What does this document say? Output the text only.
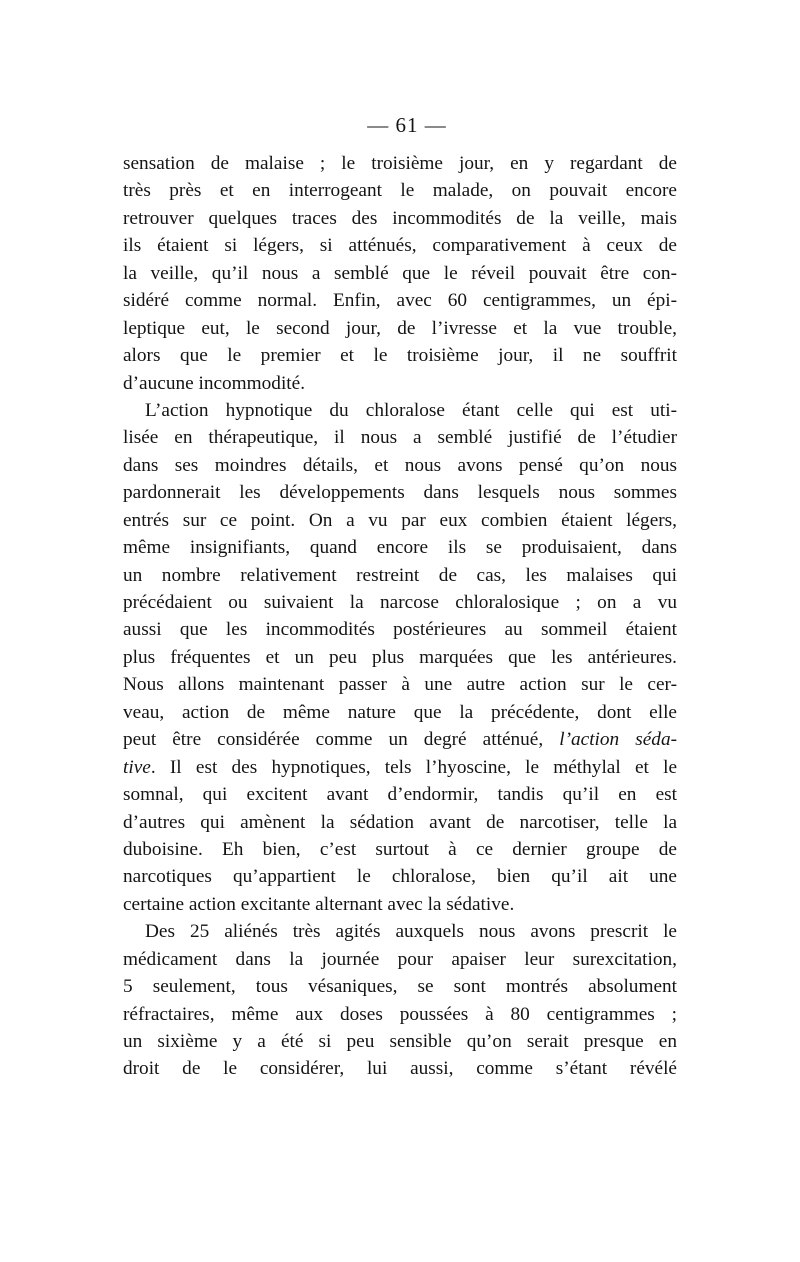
— 61 —
sensation de malaise ; le troisième jour, en y regardant de
très près et en interrogeant le malade, on pouvait encore
retrouver quelques traces des incommodités de la veille, mais
ils étaient si légers, si atténués, comparativement à ceux de
la veille, qu’il nous a semblé que le réveil pouvait être con-
sidéré comme normal. Enfin, avec 60 centigrammes, un épi-
leptique eut, le second jour, de l’ivresse et la vue trouble,
alors que le premier et le troisième jour, il ne souffrit
d’aucune incommodité.
L’action hypnotique du chloralose étant celle qui est uti-
lisée en thérapeutique, il nous a semblé justifié de l’étudier
dans ses moindres détails, et nous avons pensé qu’on nous
pardonnerait les développements dans lesquels nous sommes
entrés sur ce point. On a vu par eux combien étaient légers,
même insignifiants, quand encore ils se produisaient, dans
un nombre relativement restreint de cas, les malaises qui
précédaient ou suivaient la narcose chloralosique ; on a vu
aussi que les incommodités postérieures au sommeil étaient
plus fréquentes et un peu plus marquées que les antérieures.
Nous allons maintenant passer à une autre action sur le cer-
veau, action de même nature que la précédente, dont elle
peut être considérée comme un degré atténué, l’action séda-
tive. Il est des hypnotiques, tels l’hyoscine, le méthylal et le
somnal, qui excitent avant d’endormir, tandis qu’il en est
d’autres qui amènent la sédation avant de narcotiser, telle la
duboisine. Eh bien, c’est surtout à ce dernier groupe de
narcotiques qu’appartient le chloralose, bien qu’il ait une
certaine action excitante alternant avec la sédative.
Des 25 aliénés très agités auxquels nous avons prescrit le
médicament dans la journée pour apaiser leur surexcitation,
5 seulement, tous vésaniques, se sont montrés absolument
réfractaires, même aux doses poussées à 80 centigrammes ;
un sixième y a été si peu sensible qu’on serait presque en
droit de le considérer, lui aussi, comme s’étant révélé
